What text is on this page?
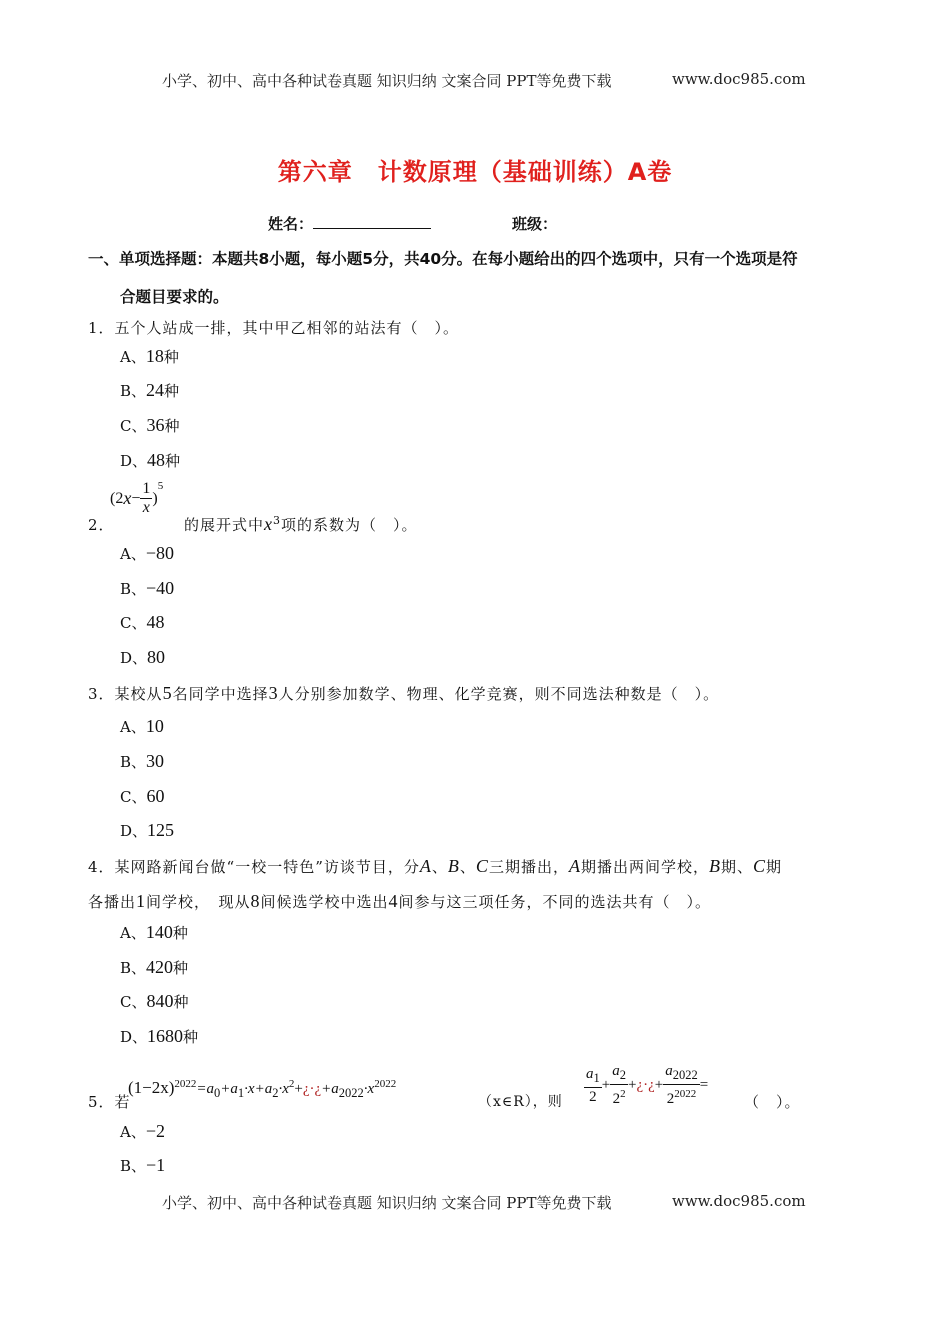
小学、初中、高中各种试卷真题 知识归纳 文案合同 PPT等免费下载	www.doc985.com
第六章　计数原理（基础训练）A卷
姓名：	班级：
一、单项选择题：本题共8小题，每小题5分，共40分。在每小题给出的四个选项中，只有一个选项是符
合题目要求的。
1．五个人站成一排，其中甲乙相邻的站法有（　）。
A、18种
B、24种
C、36种
D、48种
2．
(2 $x - \frac{1}{x}$ )
$^5$
的展开式中$x^3$项的系数为（　）。
A、−80
B、−40
C、48
D、80
3．某校从5名同学中选择3人分别参加数学、物理、化学竞赛，则不同选法种数是（　）。
A、10
B、30
C、60
D、125
4．某网路新闻台做“一校一特色”访谈节目，分A、B、C三期播出，A期播出两间学校，B期、C期
各播出1间学校，　现从8间候选学校中选出4间参与这三项任务，不同的选法共有（　）。
A、140种
B、420种
C、840种
D、1680种
5．若
$(1-2x)^{2022}=a_0+a_1\cdot x+a_2\cdot x^2+¿\cdot¿+a_{2022}\cdot x^{2022}$
（x∈R），则 $\frac{a_1}{2} + \frac{a_2}{2^2}$ + ¿·¿ + $\frac{a_{2022}}{2^{2022}}$ =
（　）。
A、−2
B、−1
小学、初中、高中各种试卷真题 知识归纳 文案合同 PPT等免费下载	www.doc985.com
